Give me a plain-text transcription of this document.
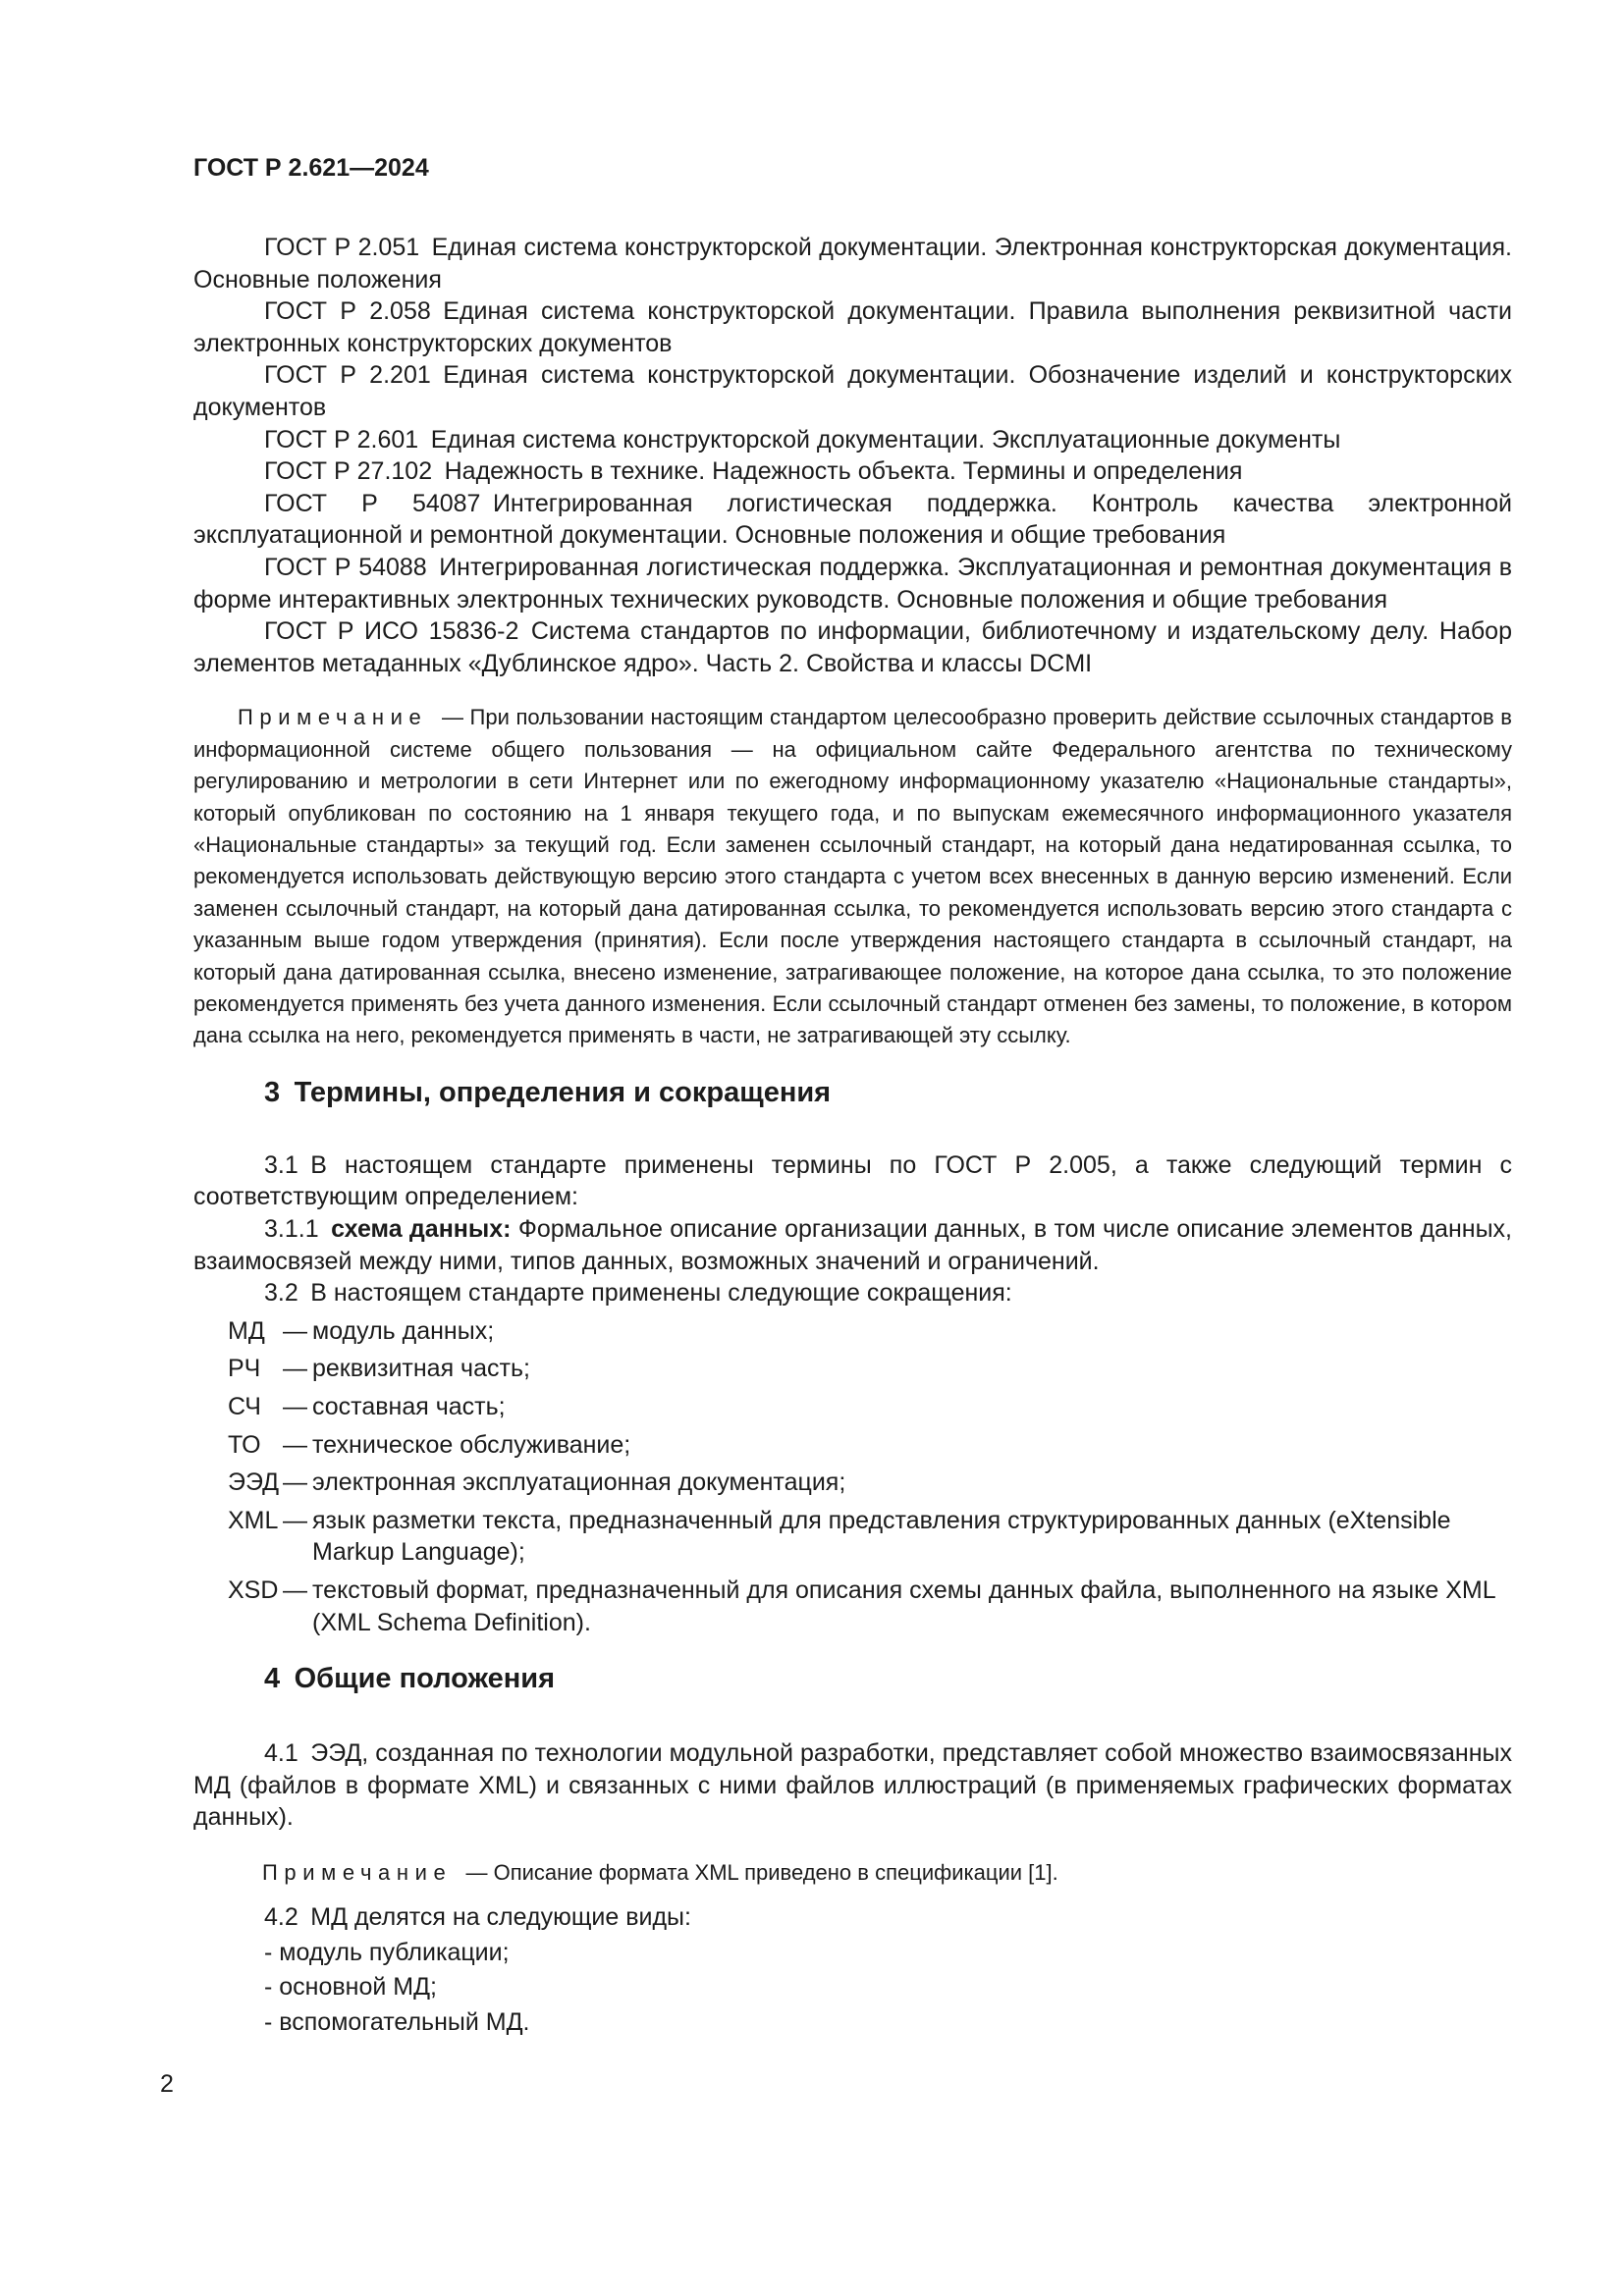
ГОСТ Р 2.621—2024

ГОСТ Р 2.051 Единая система конструкторской документации. Электронная конструкторская документация. Основные положения

ГОСТ Р 2.058 Единая система конструкторской документации. Правила выполнения реквизитной части электронных конструкторских документов

ГОСТ Р 2.201 Единая система конструкторской документации. Обозначение изделий и конструкторских документов

ГОСТ Р 2.601 Единая система конструкторской документации. Эксплуатационные документы

ГОСТ Р 27.102 Надежность в технике. Надежность объекта. Термины и определения

ГОСТ Р 54087 Интегрированная логистическая поддержка. Контроль качества электронной эксплуатационной и ремонтной документации. Основные положения и общие требования

ГОСТ Р 54088 Интегрированная логистическая поддержка. Эксплуатационная и ремонтная документация в форме интерактивных электронных технических руководств. Основные положения и общие требования

ГОСТ Р ИСО 15836-2 Система стандартов по информации, библиотечному и издательскому делу. Набор элементов метаданных «Дублинское ядро». Часть 2. Свойства и классы DCMI

Примечание — При пользовании настоящим стандартом целесообразно проверить действие ссылочных стандартов в информационной системе общего пользования — на официальном сайте Федерального агентства по техническому регулированию и метрологии в сети Интернет или по ежегодному информационному указателю «Национальные стандарты», который опубликован по состоянию на 1 января текущего года, и по выпускам ежемесячного информационного указателя «Национальные стандарты» за текущий год. Если заменен ссылочный стандарт, на который дана недатированная ссылка, то рекомендуется использовать действующую версию этого стандарта с учетом всех внесенных в данную версию изменений. Если заменен ссылочный стандарт, на который дана датированная ссылка, то рекомендуется использовать версию этого стандарта с указанным выше годом утверждения (принятия). Если после утверждения настоящего стандарта в ссылочный стандарт, на который дана датированная ссылка, внесено изменение, затрагивающее положение, на которое дана ссылка, то это положение рекомендуется применять без учета данного изменения. Если ссылочный стандарт отменен без замены, то положение, в котором дана ссылка на него, рекомендуется применять в части, не затрагивающей эту ссылку.

3 Термины, определения и сокращения

3.1 В настоящем стандарте применены термины по ГОСТ Р 2.005, а также следующий термин с соответствующим определением:

3.1.1 схема данных: Формальное описание организации данных, в том числе описание элементов данных, взаимосвязей между ними, типов данных, возможных значений и ограничений.

3.2 В настоящем стандарте применены следующие сокращения:

МД — модуль данных;
РЧ — реквизитная часть;
СЧ — составная часть;
ТО — техническое обслуживание;
ЭЭД — электронная эксплуатационная документация;
XML — язык разметки текста, предназначенный для представления структурированных данных (eXtensible Markup Language);
XSD — текстовый формат, предназначенный для описания схемы данных файла, выполненного на языке XML (XML Schema Definition).
4 Общие положения

4.1 ЭЭД, созданная по технологии модульной разработки, представляет собой множество взаимосвязанных МД (файлов в формате XML) и связанных с ними файлов иллюстраций (в применяемых графических форматах данных).

Примечание — Описание формата XML приведено в спецификации [1].

4.2 МД делятся на следующие виды:

- модуль публикации;

- основной МД;

- вспомогательный МД.

2
